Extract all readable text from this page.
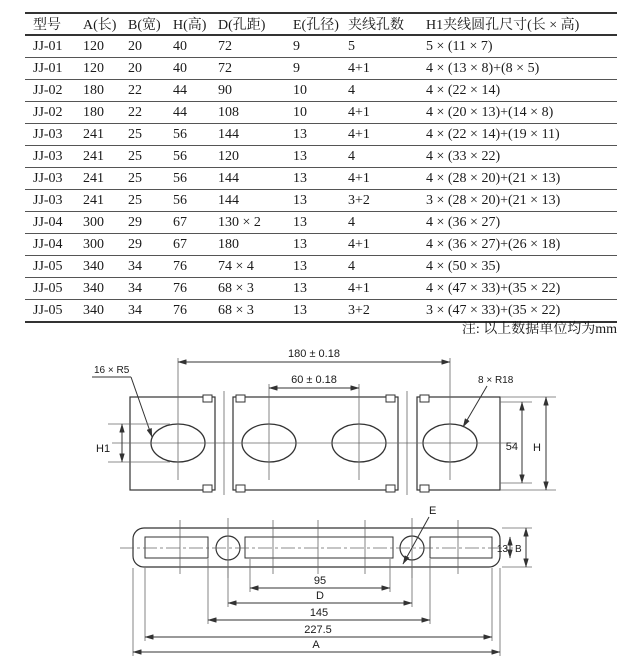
型号	A(长)	B(宽)	H(高)	D(孔距)	E(孔径)	夹线孔数	H1夹线圆孔尺寸(长 × 高)
JJ-01	120	20	40	72	9	5	5 × (11 × 7)
JJ-01	120	20	40	72	9	4+1	4 × (13 × 8)+(8 × 5)
JJ-02	180	22	44	90	10	4	4 × (22 × 14)
JJ-02	180	22	44	108	10	4+1	4 × (20 × 13)+(14 × 8)
JJ-03	241	25	56	144	13	4+1	4 × (22 × 14)+(19 × 11)
JJ-03	241	25	56	120	13	4	4 × (33 × 22)
JJ-03	241	25	56	144	13	4+1	4 × (28 × 20)+(21 × 13)
JJ-03	241	25	56	144	13	3+2	3 × (28 × 20)+(21 × 13)
JJ-04	300	29	67	130 × 2	13	4	4 × (36 × 27)
JJ-04	300	29	67	180	13	4+1	4 × (36 × 27)+(26 × 18)
JJ-05	340	34	76	74 × 4	13	4	4 × (50 × 35)
JJ-05	340	34	76	68 × 3	13	4+1	4 × (47 × 33)+(35 × 22)
JJ-05	340	34	76	68 × 3	13	3+2	3 × (47 × 33)+(35 × 22)
注: 以上数据单位均为mm
180 ± 0.18
60 ± 0.18
16 × R5
8 × R18
H1	54 H
E
13 B
95
D
145
227.5
A
